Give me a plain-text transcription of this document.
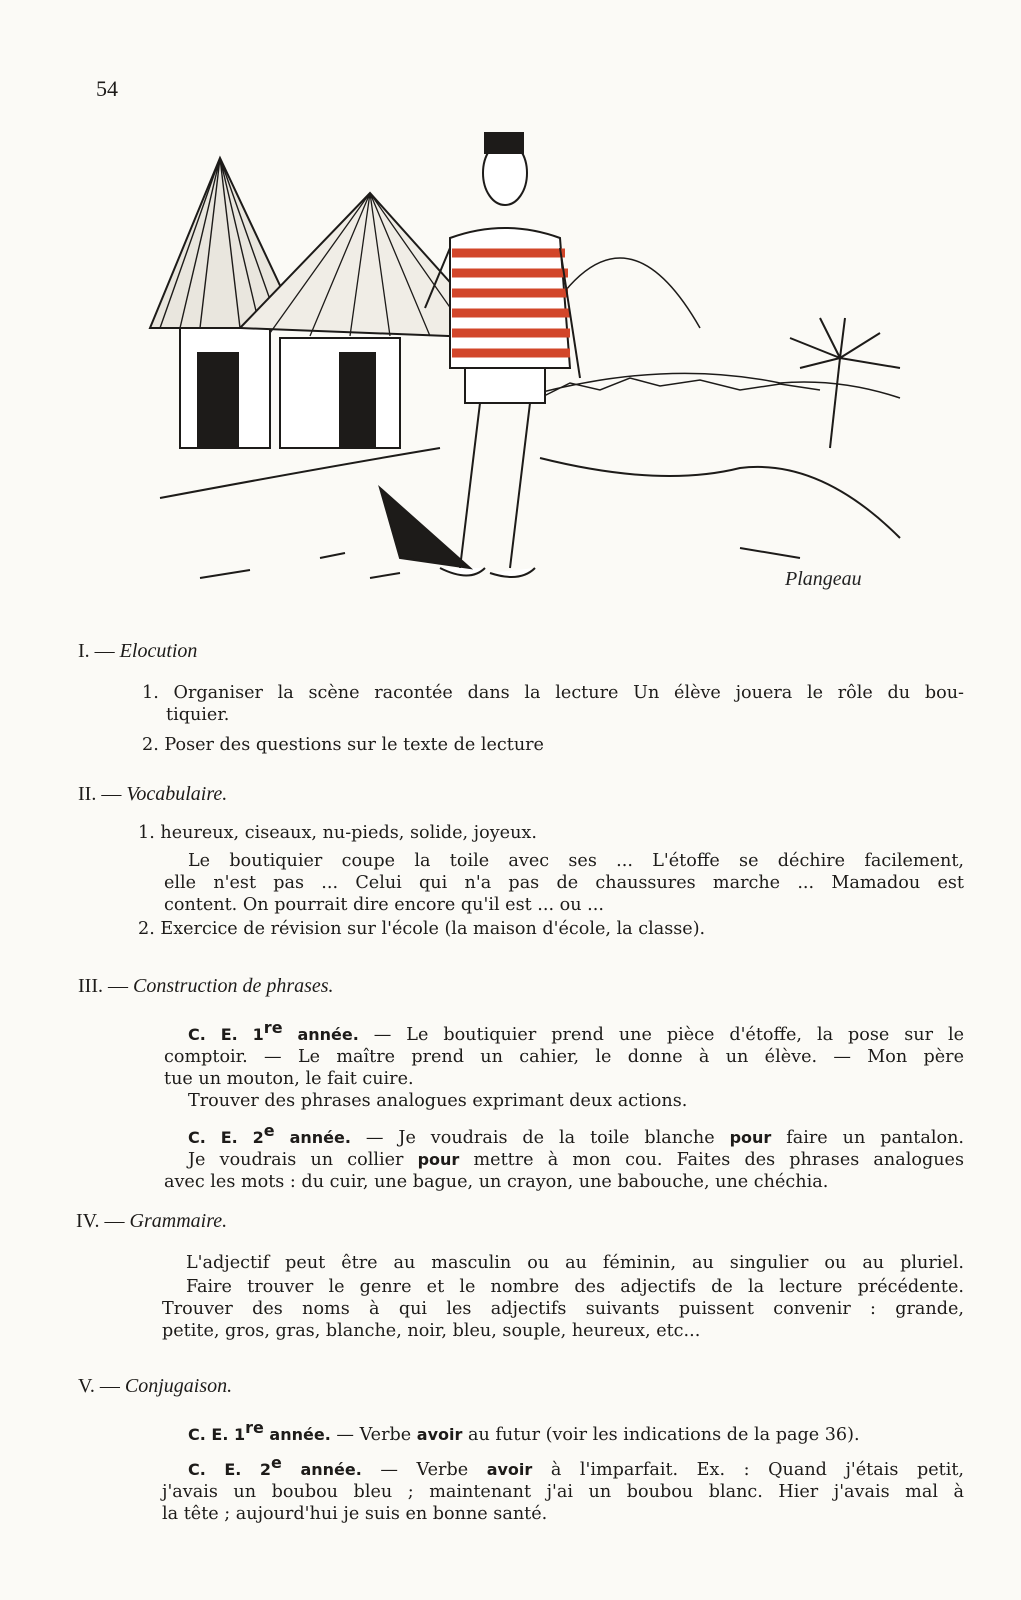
54
Plangeau
I. — Elocution

1. Organiser la scène racontée dans la lecture Un élève jouera le rôle du bou-

tiquier.

2. Poser des questions sur le texte de lecture

II. — Vocabulaire.

1. heureux, ciseaux, nu-pieds, solide, joyeux.

Le boutiquier coupe la toile avec ses ... L'étoffe se déchire facilement,

elle n'est pas ... Celui qui n'a pas de chaussures marche ... Mamadou est

content. On pourrait dire encore qu'il est ... ou ...

2. Exercice de révision sur l'école (la maison d'école, la classe).

III. — Construction de phrases.

C. E. 1re année. — Le boutiquier prend une pièce d'étoffe, la pose sur le

comptoir. — Le maître prend un cahier, le donne à un élève. — Mon père

tue un mouton, le fait cuire.

Trouver des phrases analogues exprimant deux actions.

C. E. 2e année. — Je voudrais de la toile blanche pour faire un pantalon.

Je voudrais un collier pour mettre à mon cou. Faites des phrases analogues

avec les mots : du cuir, une bague, un crayon, une babouche, une chéchia.

IV. — Grammaire.

L'adjectif peut être au masculin ou au féminin, au singulier ou au pluriel.

Faire trouver le genre et le nombre des adjectifs de la lecture précédente.

Trouver des noms à qui les adjectifs suivants puissent convenir : grande,

petite, gros, gras, blanche, noir, bleu, souple, heureux, etc...

V. — Conjugaison.

C. E. 1re année. — Verbe avoir au futur (voir les indications de la page 36).

C. E. 2e année. — Verbe avoir à l'imparfait. Ex. : Quand j'étais petit,

j'avais un boubou bleu ; maintenant j'ai un boubou blanc. Hier j'avais mal à

la tête ; aujourd'hui je suis en bonne santé.
